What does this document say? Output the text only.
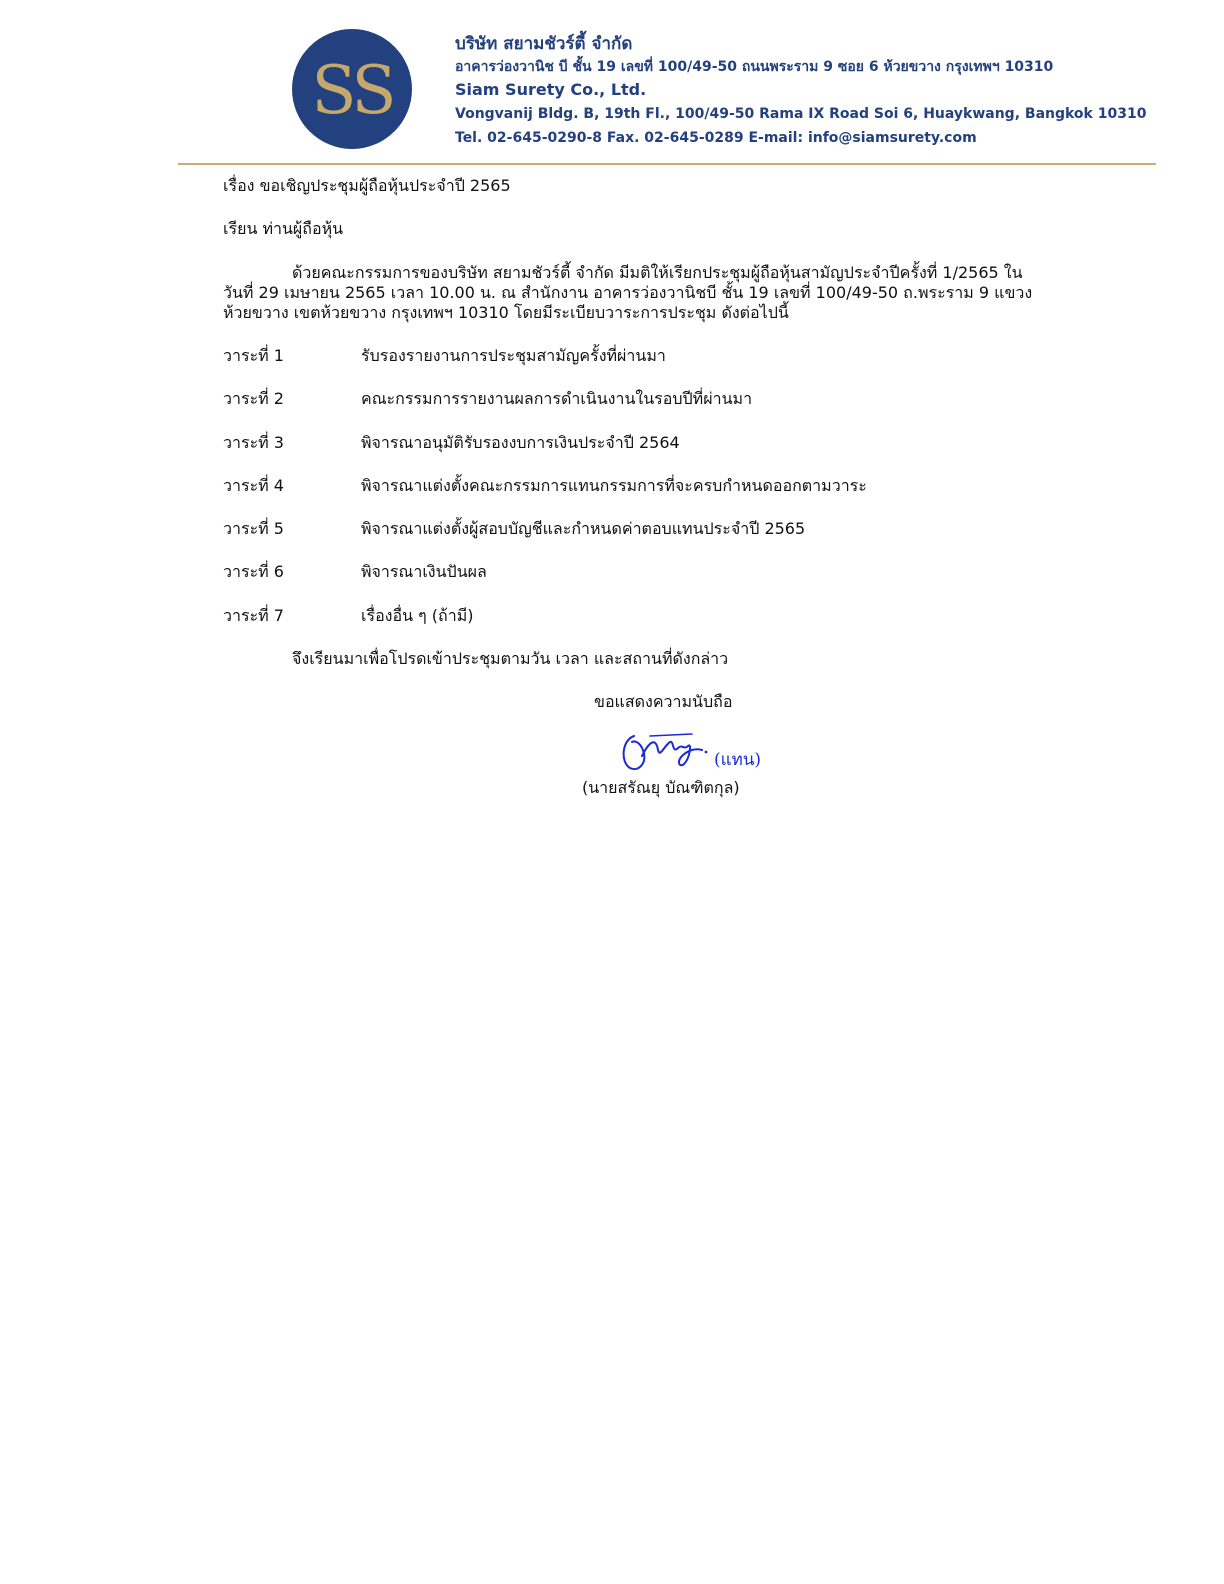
SS
บริษัท สยามชัวร์ตี้ จำกัด
อาคารว่องวานิช บี ชั้น 19 เลขที่ 100/49-50 ถนนพระราม 9 ซอย 6 ห้วยขวาง กรุงเทพฯ 10310
Siam Surety Co., Ltd.
Vongvanij Bldg. B, 19th Fl., 100/49-50 Rama IX Road Soi 6, Huaykwang, Bangkok 10310
Tel. 02-645-0290-8 Fax. 02-645-0289 E-mail: info@siamsurety.com
เรื่อง ขอเชิญประชุมผู้ถือหุ้นประจำปี 2565
เรียน ท่านผู้ถือหุ้น
ด้วยคณะกรรมการของบริษัท สยามชัวร์ตี้ จำกัด มีมติให้เรียกประชุมผู้ถือหุ้นสามัญประจำปีครั้งที่ 1/2565 ใน
วันที่ 29 เมษายน 2565 เวลา 10.00 น. ณ สำนักงาน อาคารว่องวานิชบี ชั้น 19 เลขที่ 100/49-50 ถ.พระราม 9 แขวง
ห้วยขวาง เขตห้วยขวาง กรุงเทพฯ 10310 โดยมีระเบียบวาระการประชุม ดังต่อไปนี้
วาระที่ 1	รับรองรายงานการประชุมสามัญครั้งที่ผ่านมา
วาระที่ 2	คณะกรรมการรายงานผลการดำเนินงานในรอบปีที่ผ่านมา
วาระที่ 3	พิจารณาอนุมัติรับรองงบการเงินประจำปี 2564
วาระที่ 4	พิจารณาแต่งตั้งคณะกรรมการแทนกรรมการที่จะครบกำหนดออกตามวาระ
วาระที่ 5	พิจารณาแต่งตั้งผู้สอบบัญชีและกำหนดค่าตอบแทนประจำปี 2565
วาระที่ 6	พิจารณาเงินปันผล
วาระที่ 7	เรื่องอื่น ๆ (ถ้ามี)
จึงเรียนมาเพื่อโปรดเข้าประชุมตามวัน เวลา และสถานที่ดังกล่าว
ขอแสดงความนับถือ
(แทน)
(นายสรัณยุ บัณฑิตกุล)
